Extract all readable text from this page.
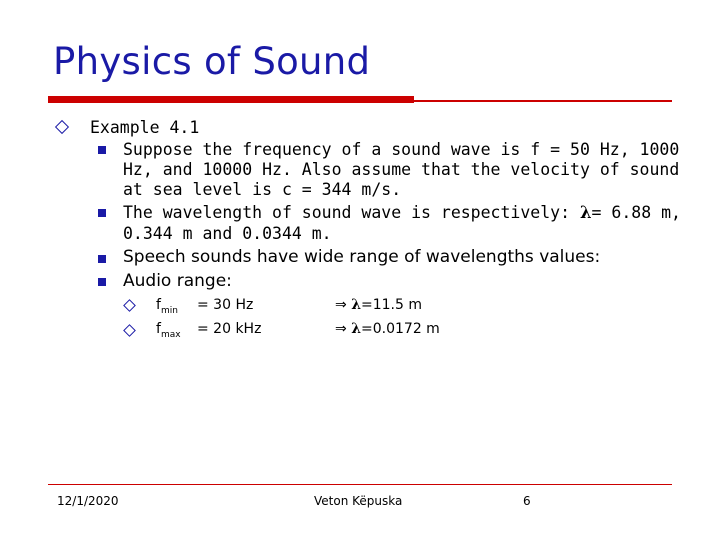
Physics of Sound
Example 4.1
Suppose the frequency of a sound wave is f = 50 Hz, 1000
Hz, and 10000 Hz. Also assume that the velocity of sound
at sea level is c = 344 m/s.
The wavelength of sound wave is respectively: λ= 6.88 m,
0.344 m and 0.0344 m.
Speech sounds have wide range of wavelengths values:
Audio range:
$f_{min} = 30$ Hz	⇒ λ=11.5 m
$f_{max} = 20$ kHz	⇒ λ=0.0172 m
12/1/2020	Veton Këpuska	6
